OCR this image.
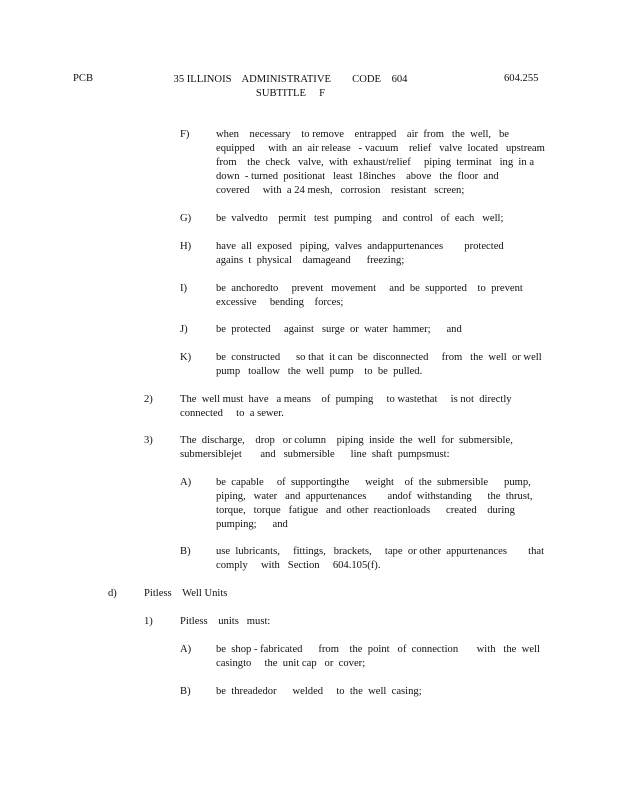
PCB	35 ILLINOIS    ADMINISTRATIVE        CODE    604
SUBTITLE     F
604.255
F)	when    necessary    to remove    entrapped    air  from   the  well,   be
equipped     with  an  air release   - vacuum    relief   valve  located   upstream
from    the  check   valve,  with  exhaust/relief     piping  terminat   ing  in a
down  - turned  positionat   least  18inches    above   the  floor  and
covered     with  a 24 mesh,   corrosion    resistant   screen;
G) be  valvedto    permit   test  pumping    and  control   of  each   well;
H) have  all  exposed   piping,  valves  andappurtenances        protected
agains  t  physical    damageand      freezing;
I)	be  anchoredto     prevent   movement     and  be  supported    to  prevent
excessive     bending    forces;
J)	be  protected     against   surge  or  water  hammer;      and
K) be  constructed      so that  it can  be  disconnected     from   the  well  or well
pump   toallow   the  well  pump    to  be  pulled.
2)	The  well must  have   a means    of  pumping     to wastethat     is not  directly
connected     to  a sewer.
3)	The  discharge,    drop   or column    piping  inside  the  well  for  submersible,
submersiblejet       and   submersible      line  shaft  pumpsmust:
A) be  capable     of  supportingthe      weight    of  the  submersible      pump,
piping,   water   and  appurtenances        andof  withstanding      the  thrust,
torque,   torque   fatigue   and  other  reactionloads      created    during
pumping;      and
B) use  lubricants,     fittings,   brackets,     tape  or other  appurtenances        that
comply     with   Section     604.105(f).
d)	Pitless    Well Units
1)	Pitless    units   must:
A) be  shop - fabricated      from    the  point   of  connection       with   the  well
casingto     the  unit cap   or  cover;
B) be  threadedor      welded     to  the  well  casing;
